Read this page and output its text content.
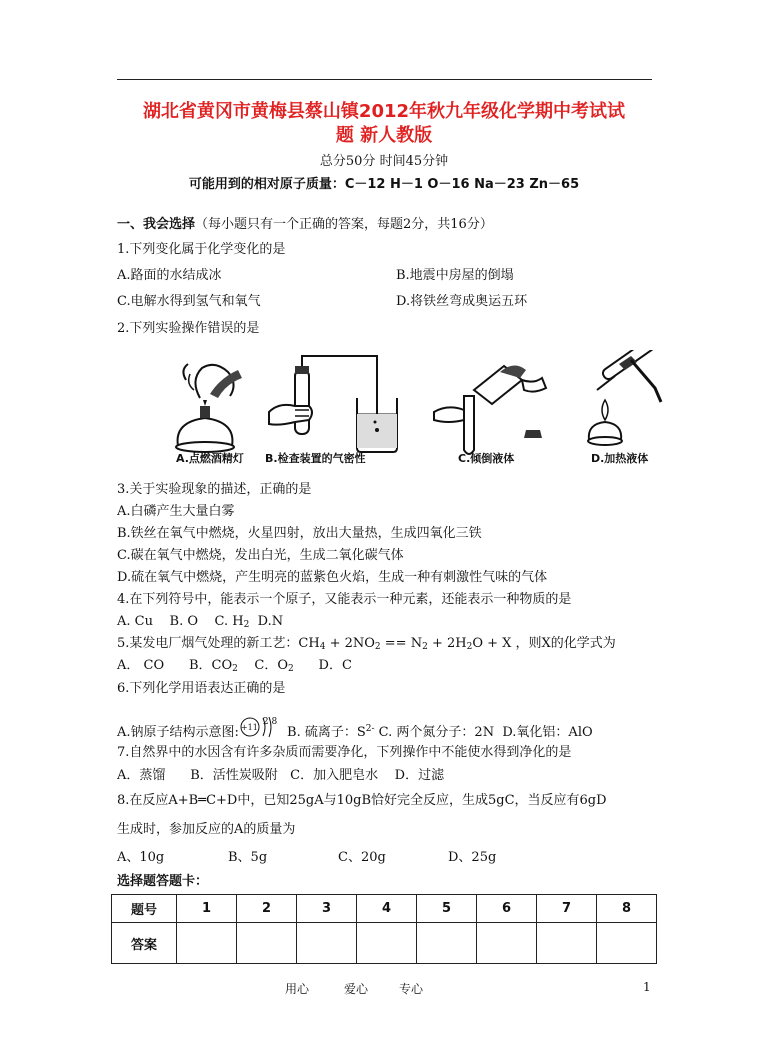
湖北省黄冈市黄梅县蔡山镇2012年秋九年级化学期中考试试
题 新人教版
总分50分 时间45分钟
可能用到的相对原子质量：C－12 H－1 O－16 Na－23 Zn－65
一、我会选择（每小题只有一个正确的答案，每题2分，共16分）
1.下列变化属于化学变化的是
A.路面的水结成冰	B.地震中房屋的倒塌
C.电解水得到氢气和氧气	D.将铁丝弯成奥运五环
2.下列实验操作错误的是
A.点燃酒精灯 B.检查装置的气密性	C.倾倒液体	D.加热液体
3.关于实验现象的描述，正确的是
A.白磷产生大量白雾
B.铁丝在氧气中燃烧，火星四射，放出大量热，生成四氧化三铁
C.碳在氧气中燃烧，发出白光，生成二氧化碳气体
D.硫在氧气中燃烧，产生明亮的蓝紫色火焰，生成一种有刺激性气味的气体
4.在下列符号中，能表示一个原子，又能表示一种元素，还能表示一种物质的是
A. Cu B. O C. $H_2$ D.N
5.某发电厂烟气处理的新工艺：$CH_4 + 2NO_2 == N_2 + 2H_2O + X$ ，则X的化学式为
A． CO B．$CO_2$ C．$O_2$ D．C
6.下列化学用语表达正确的是
A.钠原子结构示意图: +11
2 8
B. 硫离子：$S^{2-}$ C. 两个氮分子：2N D.氧化铝：AlO
7.自然界中的水因含有许多杂质而需要净化，下列操作中不能使水得到净化的是
A．蒸馏 B．活性炭吸附 C．加入肥皂水 D．过滤
8.在反应A+B═C+D中，已知25gA与10gB恰好完全反应，生成5gC，当反应有6gD
生成时，参加反应的A的质量为
A、10g	B、5g	C、20g	D、25g
选择题答题卡：
题号	1	2	3	4	5	6	7	8
答案								
用心	爱心	专心	1
